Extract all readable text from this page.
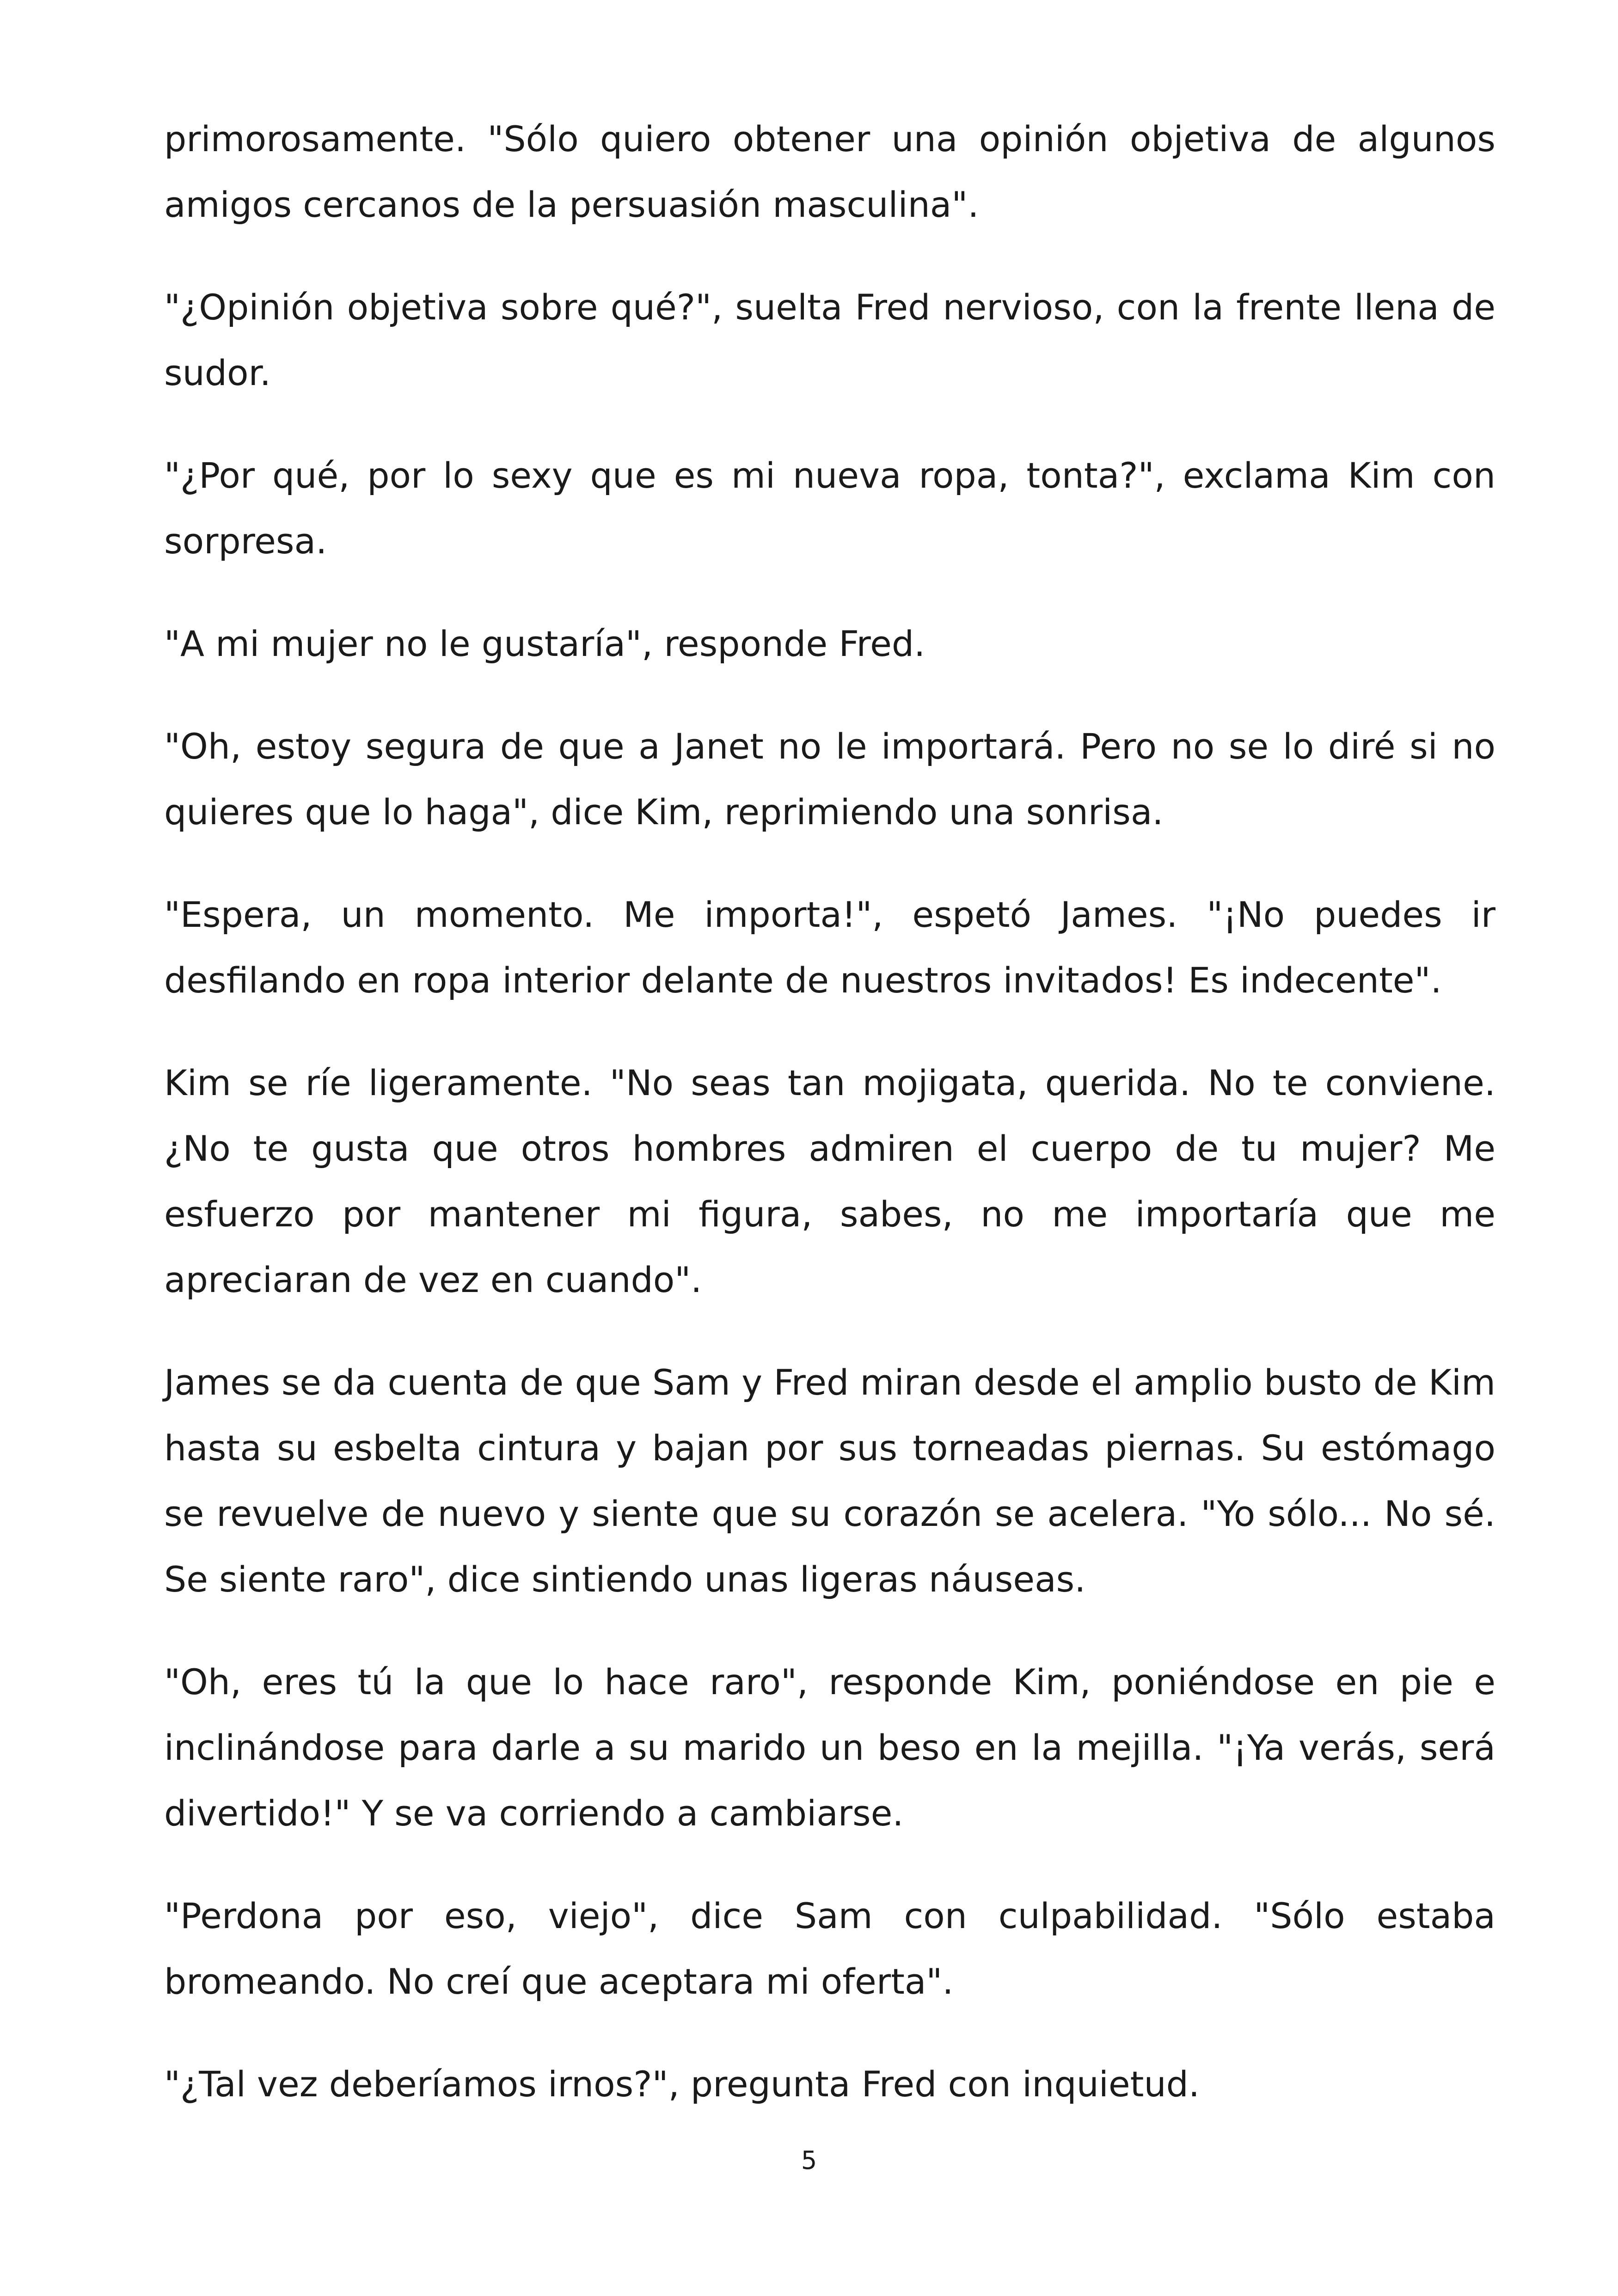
primorosamente. "Sólo quiero obtener una opinión objetiva de algunos amigos cercanos de la persuasión masculina".

"¿Opinión objetiva sobre qué?", suelta Fred nervioso, con la frente llena de sudor.

"¿Por qué, por lo sexy que es mi nueva ropa, tonta?", exclama Kim con sorpresa.

"A mi mujer no le gustaría", responde Fred.

"Oh, estoy segura de que a Janet no le importará. Pero no se lo diré si no quieres que lo haga", dice Kim, reprimiendo una sonrisa.

"Espera, un momento. Me importa!", espetó James. "¡No puedes ir desfilando en ropa interior delante de nuestros invitados! Es indecente".

Kim se ríe ligeramente. "No seas tan mojigata, querida. No te conviene. ¿No te gusta que otros hombres admiren el cuerpo de tu mujer? Me esfuerzo por mantener mi figura, sabes, no me importaría que me apreciaran de vez en cuando".

James se da cuenta de que Sam y Fred miran desde el amplio busto de Kim hasta su esbelta cintura y bajan por sus torneadas piernas. Su estómago se revuelve de nuevo y siente que su corazón se acelera. "Yo sólo... No sé. Se siente raro", dice sintiendo unas ligeras náuseas.

"Oh, eres tú la que lo hace raro", responde Kim, poniéndose en pie e inclinándose para darle a su marido un beso en la mejilla. "¡Ya verás, será divertido!" Y se va corriendo a cambiarse.

"Perdona por eso, viejo", dice Sam con culpabilidad. "Sólo estaba bromeando. No creí que aceptara mi oferta".

"¿Tal vez deberíamos irnos?", pregunta Fred con inquietud.

5
